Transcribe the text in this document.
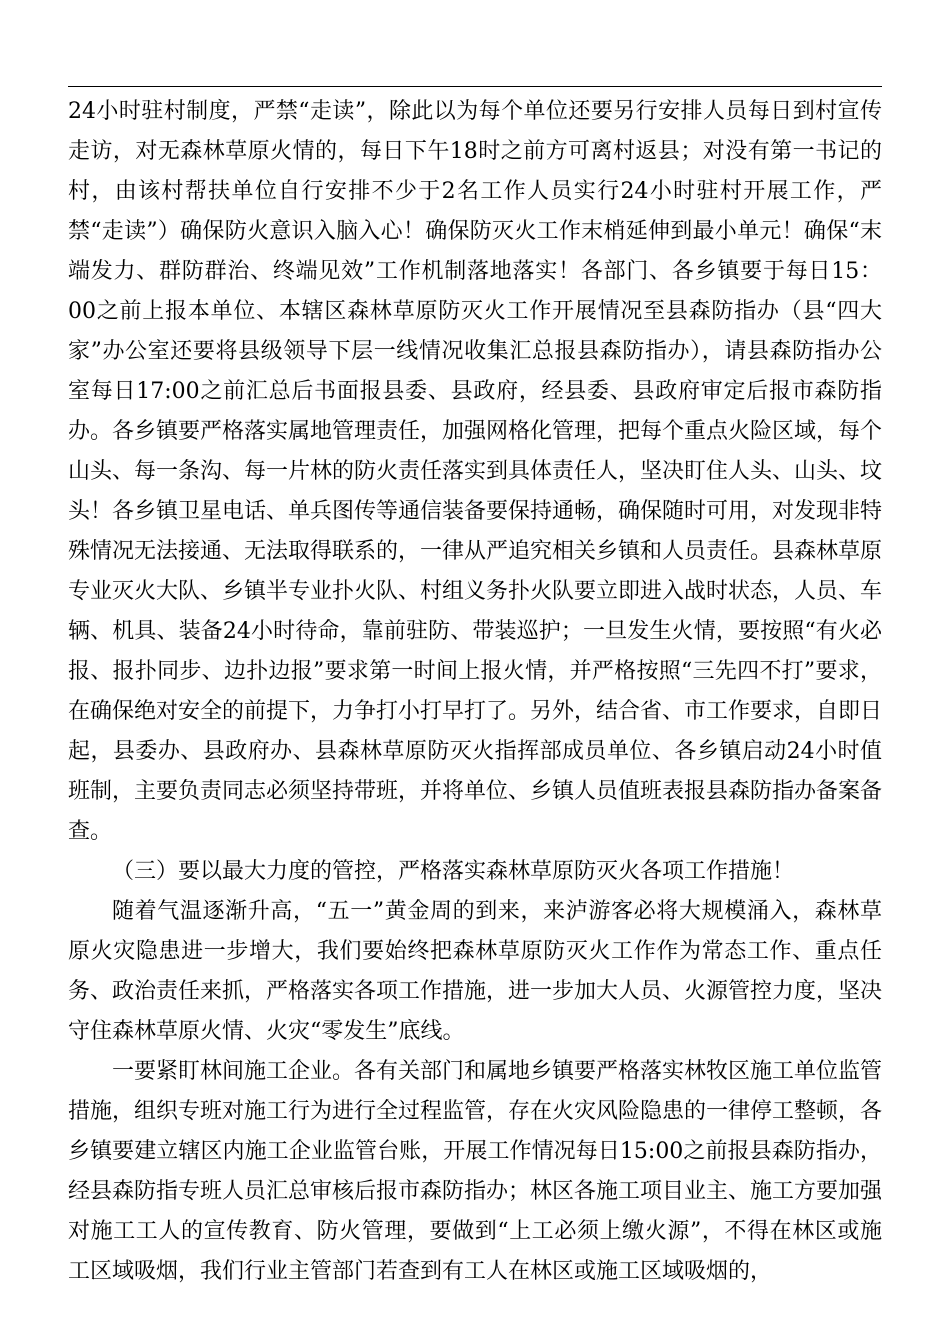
24小时驻村制度，严禁“走读”，除此以为每个单位还要另行安排人员每日到村宣传走访，对无森林草原火情的，每日下午18时之前方可离村返县；对没有第一书记的村，由该村帮扶单位自行安排不少于2名工作人员实行24小时驻村开展工作，严禁“走读”）确保防火意识入脑入心！确保防灭火工作末梢延伸到最小单元！确保“末端发力、群防群治、终端见效”工作机制落地落实！各部门、各乡镇要于每日15：00之前上报本单位、本辖区森林草原防灭火工作开展情况至县森防指办（县“四大家”办公室还要将县级领导下层一线情况收集汇总报县森防指办），请县森防指办公室每日17:00之前汇总后书面报县委、县政府，经县委、县政府审定后报市森防指办。各乡镇要严格落实属地管理责任，加强网格化管理，把每个重点火险区域，每个山头、每一条沟、每一片林的防火责任落实到具体责任人，坚决盯住人头、山头、坟头！各乡镇卫星电话、单兵图传等通信装备要保持通畅，确保随时可用，对发现非特殊情况无法接通、无法取得联系的，一律从严追究相关乡镇和人员责任。县森林草原专业灭火大队、乡镇半专业扑火队、村组义务扑火队要立即进入战时状态，人员、车辆、机具、装备24小时待命，靠前驻防、带装巡护；一旦发生火情，要按照“有火必报、报扑同步、边扑边报”要求第一时间上报火情，并严格按照“三先四不打”要求，在确保绝对安全的前提下，力争打小打早打了。另外，结合省、市工作要求，自即日起，县委办、县政府办、县森林草原防灭火指挥部成员单位、各乡镇启动24小时值班制，主要负责同志必须坚持带班，并将单位、乡镇人员值班表报县森防指办备案备查。

（三）要以最大力度的管控，严格落实森林草原防灭火各项工作措施！

随着气温逐渐升高，“五一”黄金周的到来，来泸游客必将大规模涌入，森林草原火灾隐患进一步增大，我们要始终把森林草原防灭火工作作为常态工作、重点任务、政治责任来抓，严格落实各项工作措施，进一步加大人员、火源管控力度，坚决守住森林草原火情、火灾“零发生”底线。

一要紧盯林间施工企业。各有关部门和属地乡镇要严格落实林牧区施工单位监管措施，组织专班对施工行为进行全过程监管，存在火灾风险隐患的一律停工整顿，各乡镇要建立辖区内施工企业监管台账，开展工作情况每日15:00之前报县森防指办，经县森防指专班人员汇总审核后报市森防指办；林区各施工项目业主、施工方要加强对施工工人的宣传教育、防火管理，要做到“上工必须上缴火源”，不得在林区或施工区域吸烟，我们行业主管部门若查到有工人在林区或施工区域吸烟的，
